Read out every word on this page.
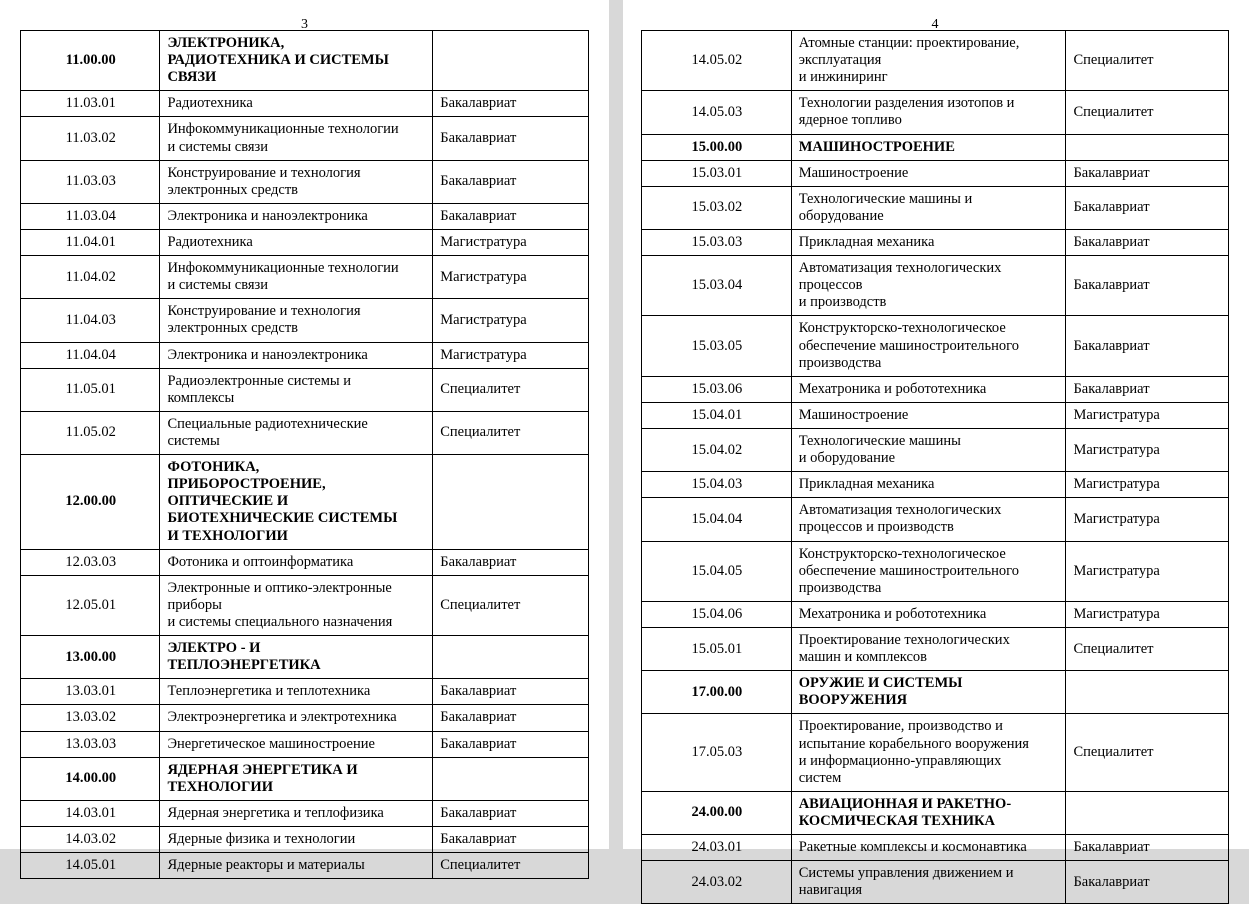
3
11.00.00	ЭЛЕКТРОНИКА,
РАДИОТЕХНИКА И СИСТЕМЫ
СВЯЗИ	
11.03.01	Радиотехника	Бакалавриат
11.03.02	Инфокоммуникационные технологии
и системы связи	Бакалавриат
11.03.03	Конструирование и технология
электронных средств	Бакалавриат
11.03.04	Электроника и наноэлектроника	Бакалавриат
11.04.01	Радиотехника	Магистратура
11.04.02	Инфокоммуникационные технологии
и системы связи	Магистратура
11.04.03	Конструирование и технология
электронных средств	Магистратура
11.04.04	Электроника и наноэлектроника	Магистратура
11.05.01	Радиоэлектронные системы и
комплексы	Специалитет
11.05.02	Специальные радиотехнические
системы	Специалитет
12.00.00	ФОТОНИКА,
ПРИБОРОСТРОЕНИЕ,
ОПТИЧЕСКИЕ И
БИОТЕХНИЧЕСКИЕ СИСТЕМЫ
И ТЕХНОЛОГИИ	
12.03.03	Фотоника и оптоинформатика	Бакалавриат
12.05.01	Электронные и оптико-электронные
приборы
и системы специального назначения	Специалитет
13.00.00	ЭЛЕКТРО - И
ТЕПЛОЭНЕРГЕТИКА	
13.03.01	Теплоэнергетика и теплотехника	Бакалавриат
13.03.02	Электроэнергетика и электротехника	Бакалавриат
13.03.03	Энергетическое машиностроение	Бакалавриат
14.00.00	ЯДЕРНАЯ ЭНЕРГЕТИКА И
ТЕХНОЛОГИИ	
14.03.01	Ядерная энергетика и теплофизика	Бакалавриат
14.03.02	Ядерные физика и технологии	Бакалавриат
14.05.01	Ядерные реакторы и материалы	Специалитет
4
14.05.02	Атомные станции: проектирование,
эксплуатация
и инжиниринг	Специалитет
14.05.03	Технологии разделения изотопов и
ядерное топливо	Специалитет
15.00.00	МАШИНОСТРОЕНИЕ	
15.03.01	Машиностроение	Бакалавриат
15.03.02	Технологические машины и
оборудование	Бакалавриат
15.03.03	Прикладная механика	Бакалавриат
15.03.04	Автоматизация технологических
процессов
и производств	Бакалавриат
15.03.05	Конструкторско-технологическое
обеспечение машиностроительного
производства	Бакалавриат
15.03.06	Мехатроника и робототехника	Бакалавриат
15.04.01	Машиностроение	Магистратура
15.04.02	Технологические машины
и оборудование	Магистратура
15.04.03	Прикладная механика	Магистратура
15.04.04	Автоматизация технологических
процессов и производств	Магистратура
15.04.05	Конструкторско-технологическое
обеспечение машиностроительного
производства	Магистратура
15.04.06	Мехатроника и робототехника	Магистратура
15.05.01	Проектирование технологических
машин и комплексов	Специалитет
17.00.00	ОРУЖИЕ И СИСТЕМЫ
ВООРУЖЕНИЯ	
17.05.03	Проектирование, производство и
испытание корабельного вооружения
и информационно-управляющих
систем	Специалитет
24.00.00	АВИАЦИОННАЯ И РАКЕТНО-
КОСМИЧЕСКАЯ ТЕХНИКА	
24.03.01	Ракетные комплексы и космонавтика	Бакалавриат
24.03.02	Системы управления движением и
навигация	Бакалавриат
